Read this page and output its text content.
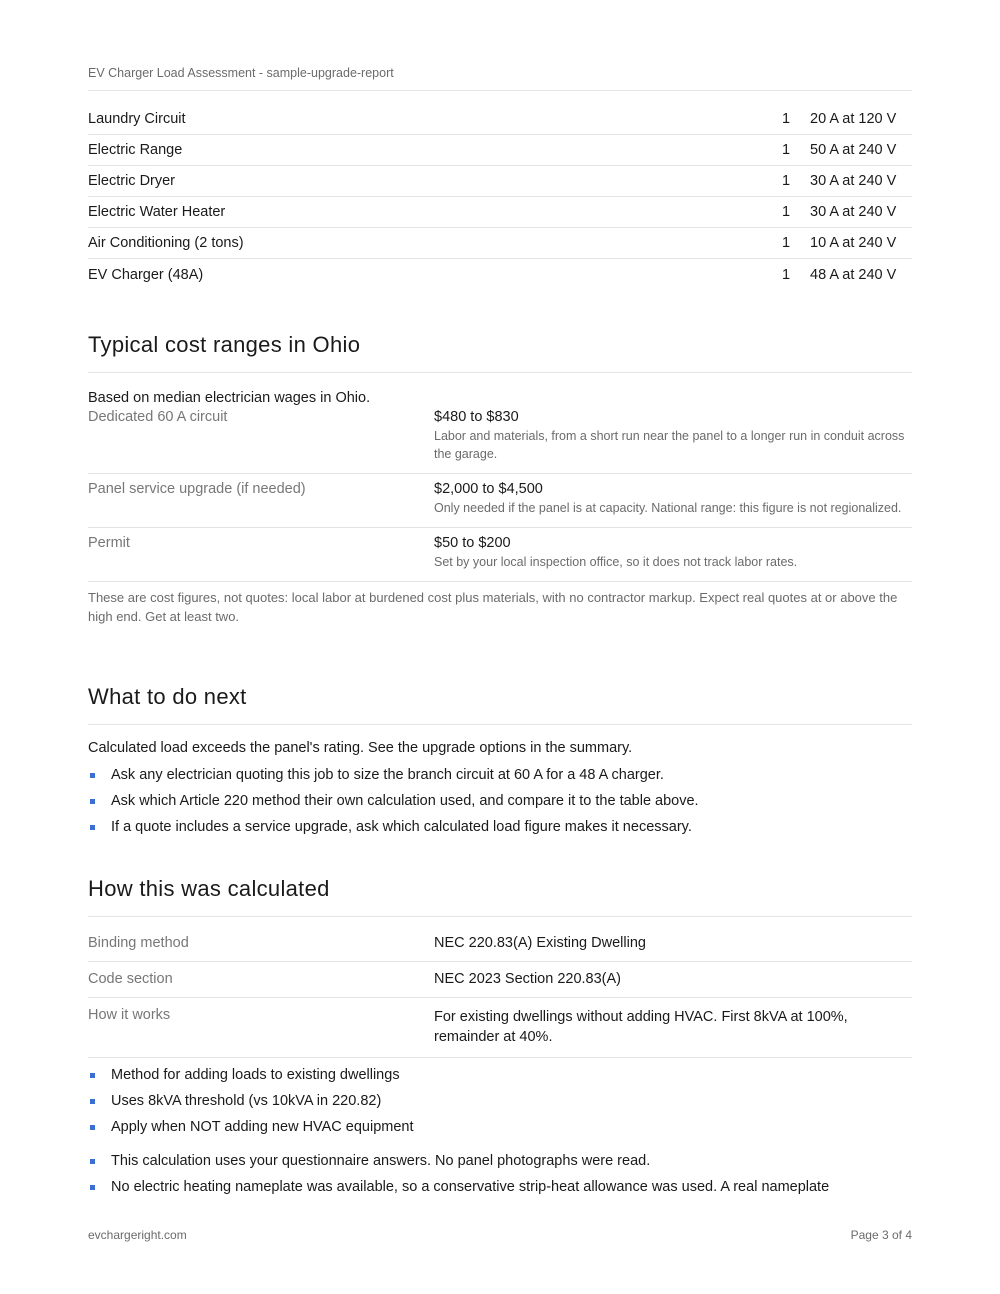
EV Charger Load Assessment - sample-upgrade-report
Laundry Circuit	1	20 A at 120 V
Electric Range	1	50 A at 240 V
Electric Dryer	1	30 A at 240 V
Electric Water Heater	1	30 A at 240 V
Air Conditioning (2 tons)	1	10 A at 240 V
EV Charger (48A)	1	48 A at 240 V
Typical cost ranges in Ohio

Based on median electrician wages in Ohio.

Dedicated 60 A circuit	$480 to $830
Labor and materials, from a short run near the panel to a longer run in conduit across the garage.
Panel service upgrade (if needed)	$2,000 to $4,500
Only needed if the panel is at capacity. National range: this figure is not regionalized.
Permit	$50 to $200
Set by your local inspection office, so it does not track labor rates.
These are cost figures, not quotes: local labor at burdened cost plus materials, with no contractor markup. Expect real quotes at or above the high end. Get at least two.
What to do next

Calculated load exceeds the panel's rating. See the upgrade options in the summary.

Ask any electrician quoting this job to size the branch circuit at 60 A for a 48 A charger.
Ask which Article 220 method their own calculation used, and compare it to the table above.
If a quote includes a service upgrade, ask which calculated load figure makes it necessary.
How this was calculated
Binding method	NEC 220.83(A) Existing Dwelling
Code section	NEC 2023 Section 220.83(A)
How it works	For existing dwellings without adding HVAC. First 8kVA at 100%, remainder at 40%.
Method for adding loads to existing dwellings
Uses 8kVA threshold (vs 10kVA in 220.82)
Apply when NOT adding new HVAC equipment
This calculation uses your questionnaire answers. No panel photographs were read.
No electric heating nameplate was available, so a conservative strip-heat allowance was used. A real nameplate
evchargeright.com	Page 3 of 4
